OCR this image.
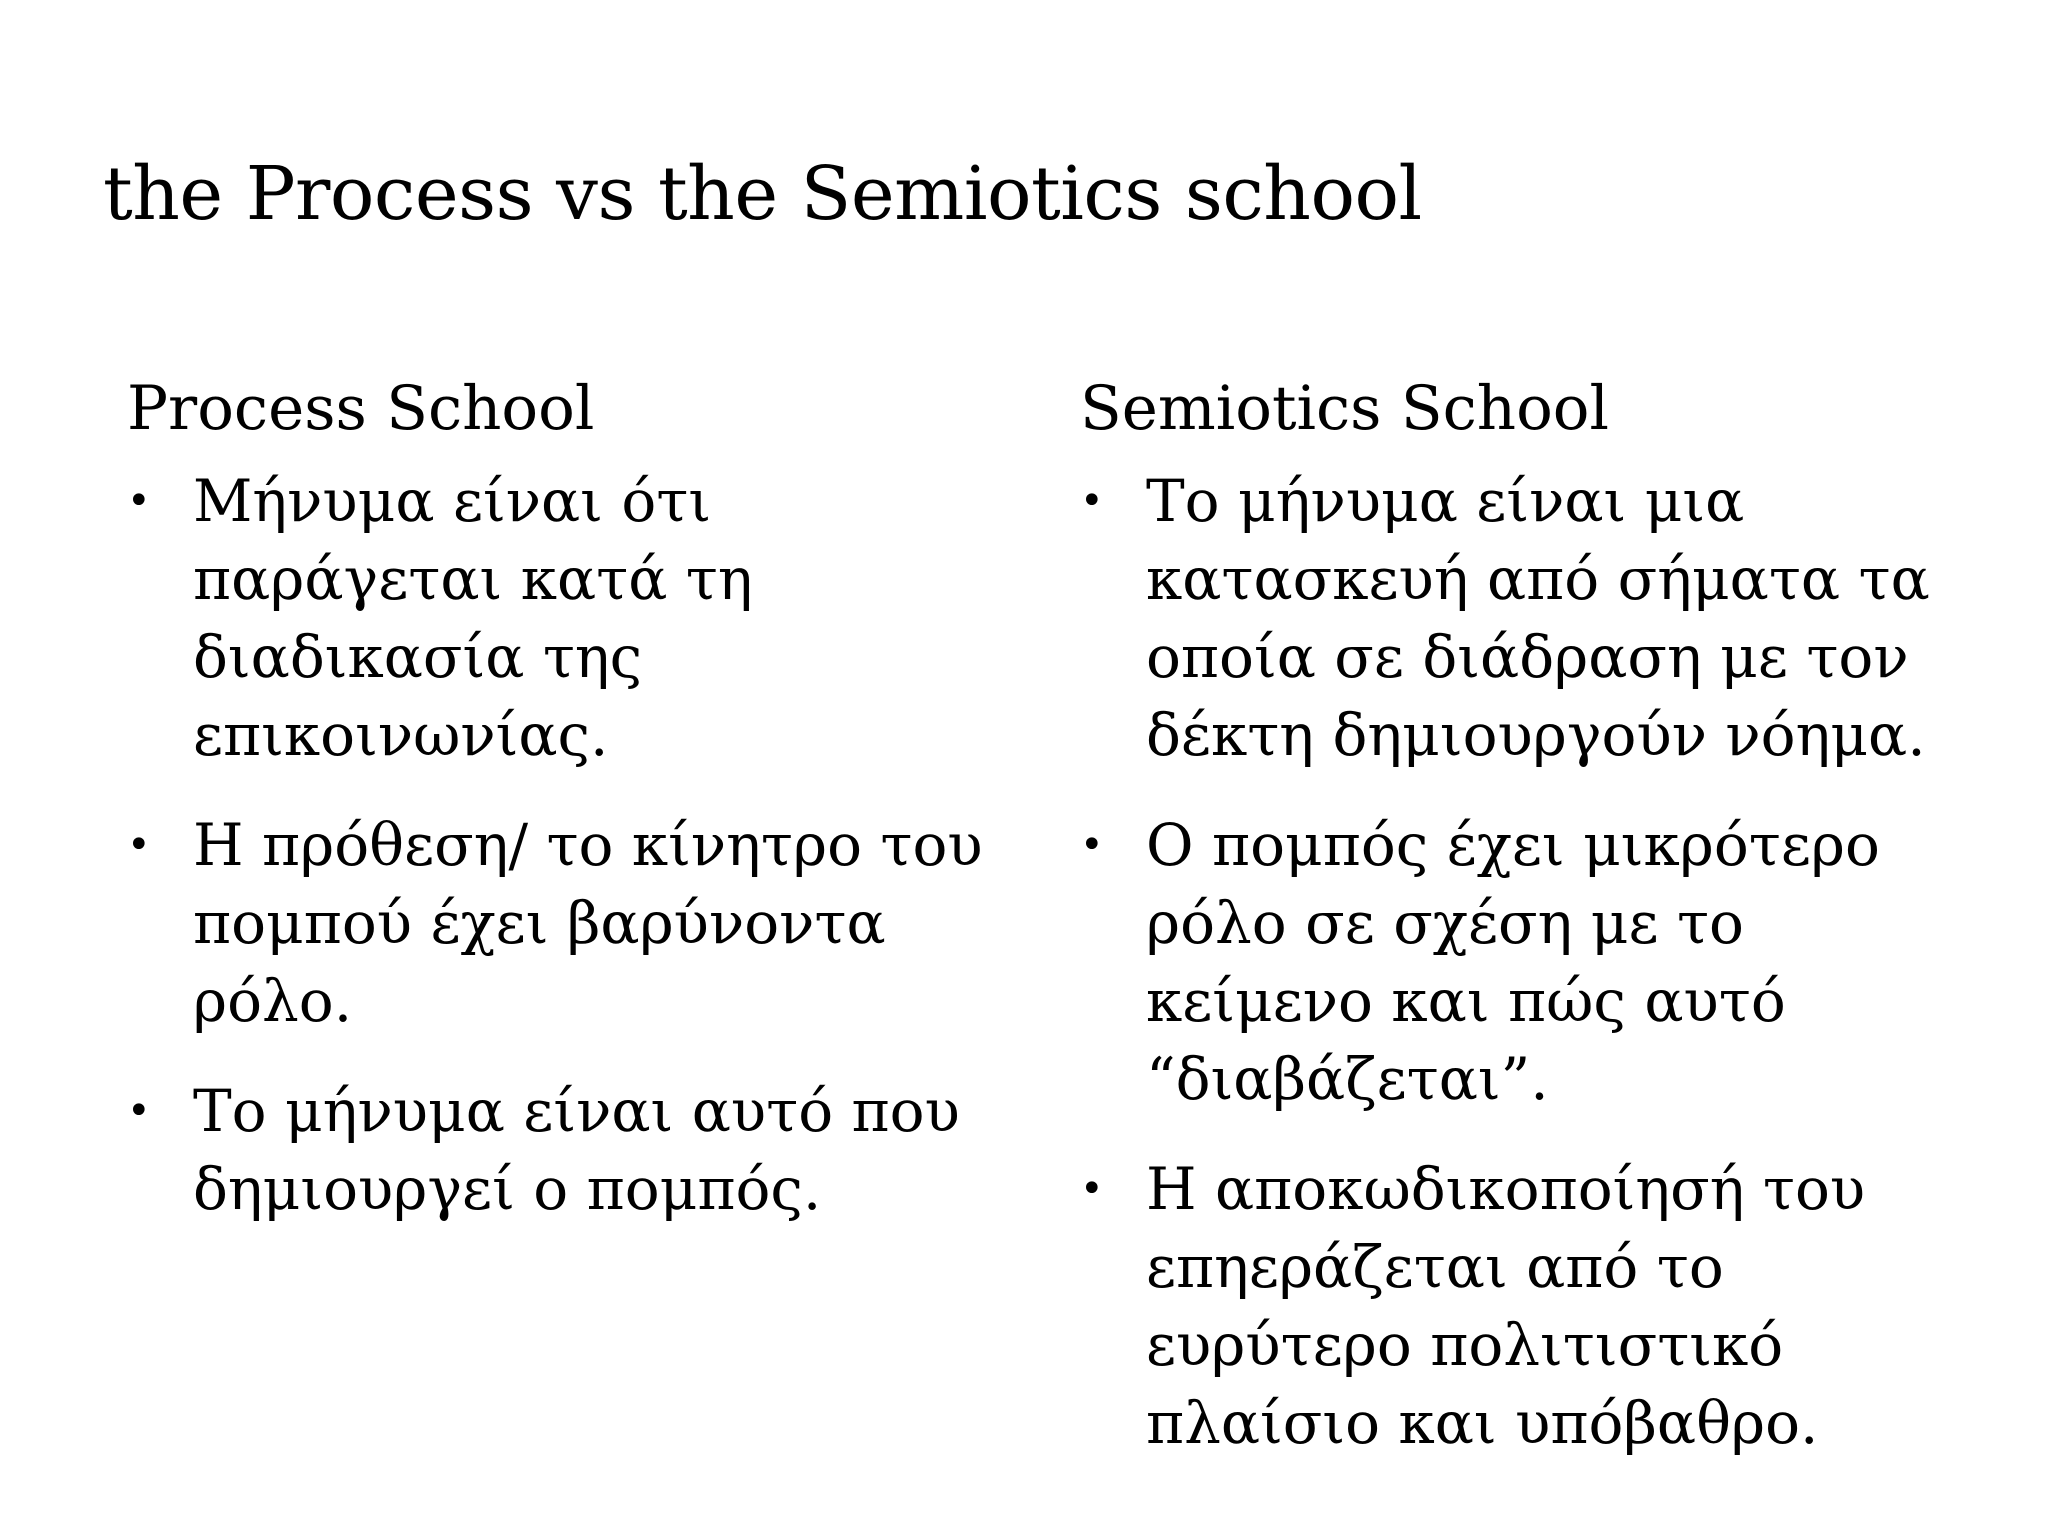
the Process vs the Semiotics school
Process School
• Μήνυμα είναι ότι παράγεται κατά τη διαδικασία της επικοινωνίας.
• Η πρόθεση/ το κίνητρο του πομπού έχει βαρύνοντα ρόλο.
• Το μήνυμα είναι αυτό που δημιουργεί ο πομπός.
Semiotics School
• Το μήνυμα είναι μια κατασκευή από σήματα τα οποία σε διάδραση με τον δέκτη δημιουργούν νόημα.
• Ο πομπός έχει μικρότερο ρόλο σε σχέση με το κείμενο και πώς αυτό “διαβάζεται”.
• Η αποκωδικοποίησή του επηεράζεται από το ευρύτερο πολιτιστικό πλαίσιο και υπόβαθρο.
